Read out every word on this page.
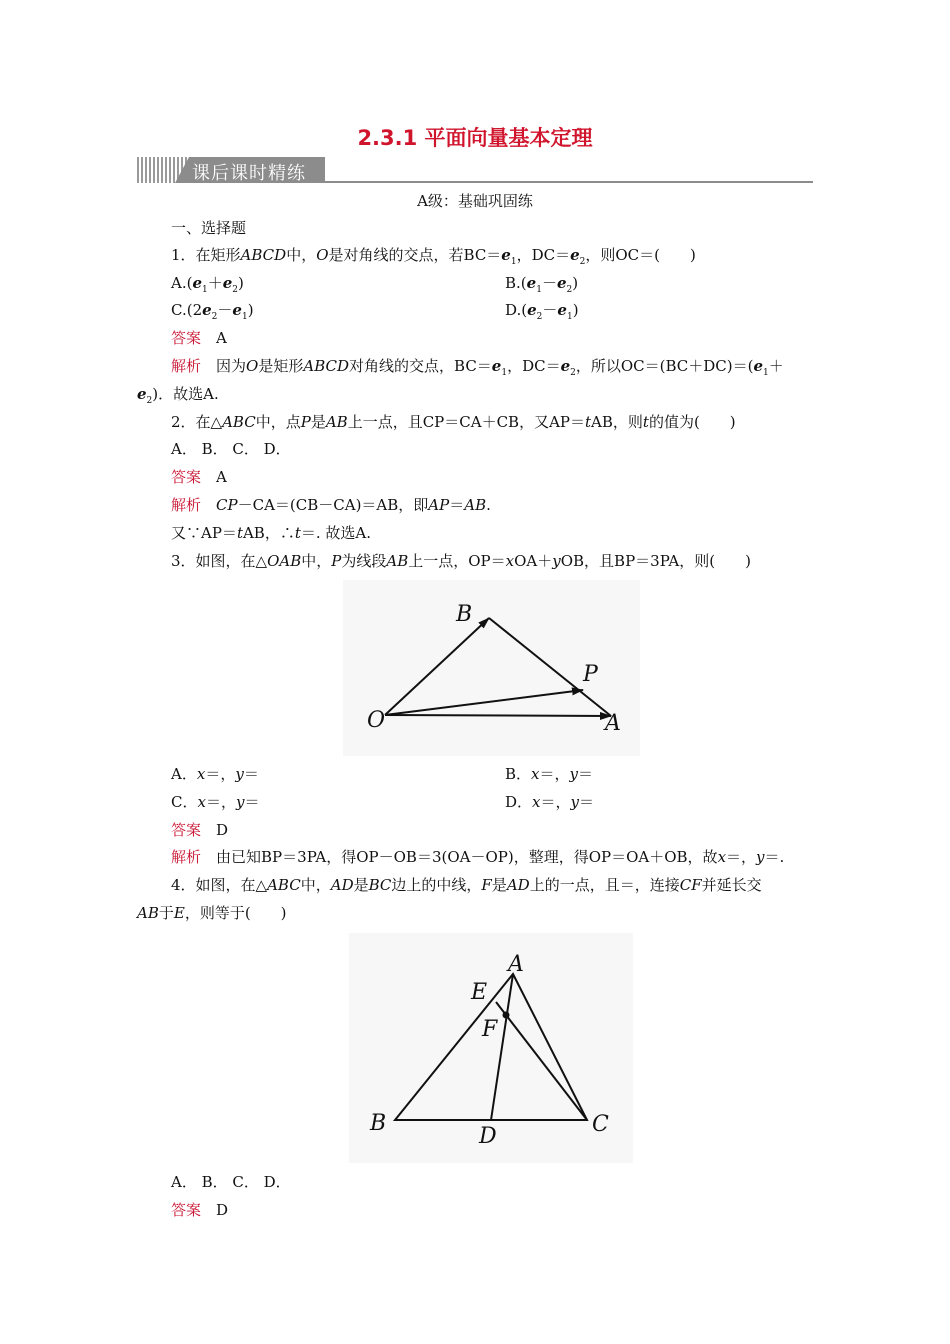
2.3.1 平面向量基本定理
课后课时精练
A级：基础巩固练
一、选择题
1．在矩形ABCD中，O是对角线的交点，若$BC=e_1$，$DC=e_2$，则OC＝(　　)
$A.(e_1+e_2)$	$B.(e_1-e_2)$
$C.(2e_2-e_1)$	$D.(e_2-e_1)$
答案　 A
解析　 因为O是矩形ABCD对角线的交点，$BC=e_1$，$DC=e_2$，所以$OC=(BC+DC)=(e_1+$
$e_2$)．故选A.
2．在△ABC中，点P是AB上一点，且CP＝CA＋CB，又AP＝tAB，则t的值为(　　)
A． B． C． D．
答案　 A
解析　 CP－CA＝(CB－CA)＝AB，即AP＝AB.
又∵AP＝tAB，∴t＝. 故选A.
3．如图，在△OAB中，P为线段AB上一点，OP＝xOA＋yOB，且BP＝3PA，则(　　)
O
B
P
A
A．x＝，y＝	B．x＝，y＝
C．x＝，y＝	D．x＝，y＝
答案　 D
解析　 由已知BP＝3PA，得OP－OB＝3(OA－OP)，整理，得OP＝OA＋OB，故x＝，y＝.
4．如图，在△ABC中，AD是BC边上的中线，F是AD上的一点，且＝，连接CF并延长交
AB于E，则等于(　　)
A
E
F
B
D	C
A． B． C． D．
答案　 D
